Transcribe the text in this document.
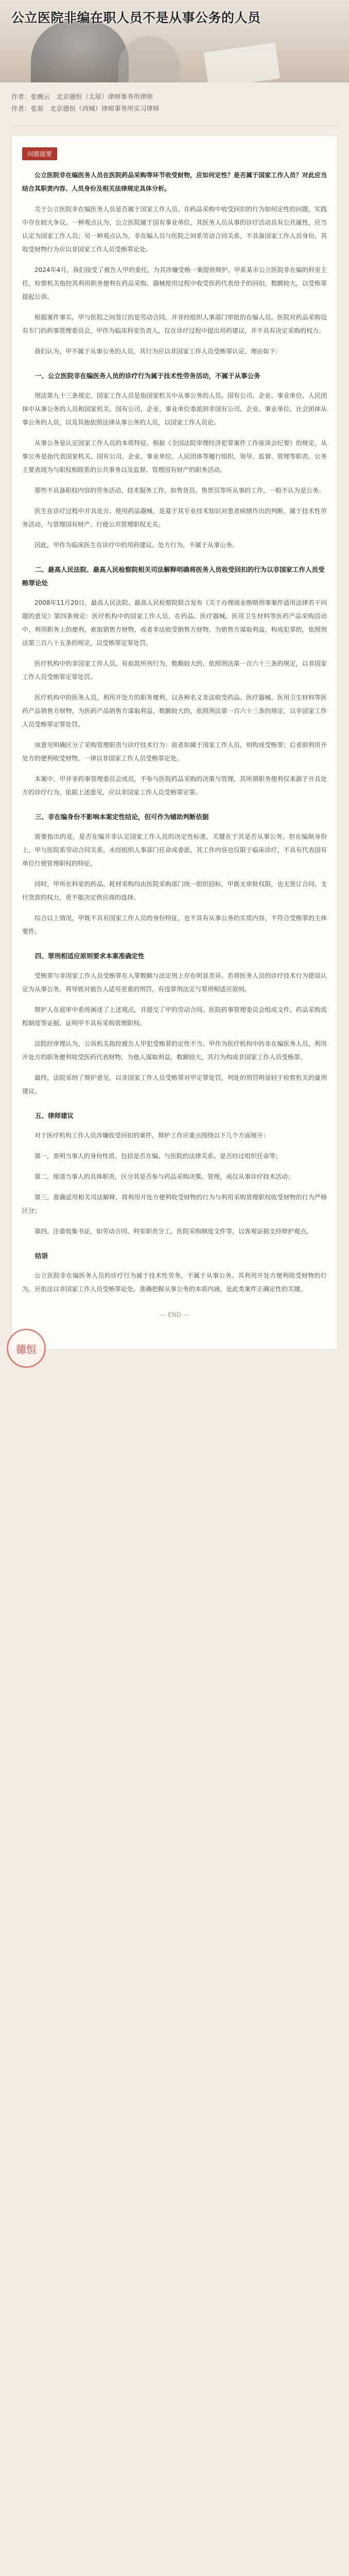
公立医院非编在职人员不是从事公务的人员

作者：张婉云　北京德恒（太原）律师事务所律师

作者：张茹　北京德恒（西城）律师事务所实习律师

问题提要

公立医院非在编医务人员在医院药品采购等环节收受财物，应如何定性？是否属于国家工作人员？对此应当结合其职责内容、人员身份及相关法律规定具体分析。

关于公立医院非在编医务人员是否属于国家工作人员、在药品采购中收受回扣的行为如何定性的问题，实践中存在较大争议。一种观点认为，公立医院属于国有事业单位，其医务人员从事的诊疗活动具有公共属性，应当认定为国家工作人员；另一种观点认为，非在编人员与医院之间系劳动合同关系，不具备国家工作人员身份，其收受财物行为应以非国家工作人员受贿罪论处。

2024年4月，我们接受了被告人甲的委托，为其涉嫌受贿一案提供辩护。甲系某市公立医院非在编的科室主任，检察机关指控其利用职务便利在药品采购、器械使用过程中收受医药代表给予的回扣，数额较大，以受贿罪提起公诉。

根据案件事实，甲与医院之间签订的是劳动合同，并非经组织人事部门审批的在编人员。医院对药品采购设有专门的药事管理委员会，甲作为临床科室负责人，仅在诊疗过程中提出用药建议，并不具有决定采购的权力。

我们认为，甲不属于从事公务的人员，其行为应以非国家工作人员受贿罪认定。理由如下：

一、公立医院非在编医务人员的诊疗行为属于技术性劳务活动，不属于从事公务

刑法第九十三条规定，国家工作人员是指国家机关中从事公务的人员。国有公司、企业、事业单位、人民团体中从事公务的人员和国家机关、国有公司、企业、事业单位委派到非国有公司、企业、事业单位、社会团体从事公务的人员，以及其他依照法律从事公务的人员，以国家工作人员论。

从事公务是认定国家工作人员的本质特征。根据《全国法院审理经济犯罪案件工作座谈会纪要》的规定，从事公务是指代表国家机关、国有公司、企业、事业单位、人民团体等履行组织、领导、监督、管理等职责。公务主要表现为与职权相联系的公共事务以及监督、管理国有财产的职务活动。

那些不具备职权内容的劳务活动、技术服务工作，如售货员、售票员等所从事的工作，一般不认为是公务。

医生在诊疗过程中开具处方、使用药品器械，是基于其专业技术知识对患者病情作出的判断，属于技术性劳务活动，与管理国有财产、行使公共管理职权无关。

因此，甲作为临床医生在诊疗中的用药建议、处方行为，不属于从事公务。

二、最高人民法院、最高人民检察院相关司法解释明确将医务人员收受回扣的行为以非国家工作人员受贿罪论处

2008年11月20日，最高人民法院、最高人民检察院联合发布《关于办理商业贿赂刑事案件适用法律若干问题的意见》第四条规定：医疗机构中的国家工作人员，在药品、医疗器械、医用卫生材料等医药产品采购活动中，利用职务上的便利，索取销售方财物，或者非法收受销售方财物，为销售方谋取利益，构成犯罪的，依照刑法第三百八十五条的规定，以受贿罪定罪处罚。

医疗机构中的非国家工作人员，有前款所列行为，数额较大的，依照刑法第一百六十三条的规定，以非国家工作人员受贿罪定罪处罚。

医疗机构中的医务人员，利用开处方的职务便利，以各种名义非法收受药品、医疗器械、医用卫生材料等医药产品销售方财物，为医药产品销售方谋取利益，数额较大的，依照刑法第一百六十三条的规定，以非国家工作人员受贿罪定罪处罚。

该意见明确区分了采购管理职责与诊疗技术行为：前者如属于国家工作人员，则构成受贿罪；后者即利用开处方的便利收受财物，一律以非国家工作人员受贿罪论处。

本案中，甲并非药事管理委员会成员，不参与医院药品采购的决策与管理，其所谓职务便利仅来源于开具处方的诊疗行为，依据上述意见，应以非国家工作人员受贿罪定罪。

三、非在编身份不影响本案定性结论，但可作为辅助判断依据

需要指出的是，是否在编并非认定国家工作人员的决定性标准，关键在于其是否从事公务。但在编制身份上，甲与医院系劳动合同关系，未经组织人事部门任命或委派，其工作内容也仅限于临床诊疗，不具有代表国有单位行使管理职权的特征。

同时，甲所在科室的药品、耗材采购均由医院采购部门统一组织招标，甲既无审批权限，也无签订合同、支付货款的权力，更不能决定供应商的选择。

综合以上情况，甲既不具有国家工作人员的身份特征，也不具有从事公务的实质内容，不符合受贿罪的主体要件。

四、罪刑相适应原则要求本案准确定性

受贿罪与非国家工作人员受贿罪在入罪数额与法定刑上存在明显差异。若将医务人员的诊疗技术行为错误认定为从事公务，将导致对被告人适用更重的刑罚，有违罪刑法定与罪刑相适应原则。

辩护人在庭审中系统阐述了上述观点，并提交了甲的劳动合同、医院药事管理委员会组成文件、药品采购流程制度等证据，证明甲不具有采购管理职权。

法院经审理认为，公诉机关指控被告人甲犯受贿罪的定性不当。甲作为医疗机构中的非在编医务人员，利用开处方的职务便利收受医药代表财物，为他人谋取利益，数额较大，其行为构成非国家工作人员受贿罪。

最终，法院采纳了辩护意见，以非国家工作人员受贿罪对甲定罪处罚，判处的刑罚明显轻于检察机关的量刑建议。

五、律师建议

对于医疗机构工作人员涉嫌收受回扣的案件，辩护工作应重点围绕以下几个方面展开：

第一，查明当事人的身份性质，包括是否在编、与医院的法律关系、是否经过组织任命等；

第二，厘清当事人的具体职责，区分其是否参与药品采购决策、管理，或仅从事诊疗技术活动；

第三，准确适用相关司法解释，将利用开处方便利收受财物的行为与利用采购管理职权收受财物的行为严格区分；

第四，注重收集书证，如劳动合同、科室职责分工、医院采购制度文件等，以客观证据支持辩护观点。

结语

公立医院非在编医务人员的诊疗行为属于技术性劳务，不属于从事公务。其利用开处方便利收受财物的行为，应依法以非国家工作人员受贿罪论处。准确把握从事公务的本质内涵，是此类案件正确定性的关键。

— END —
德恒
